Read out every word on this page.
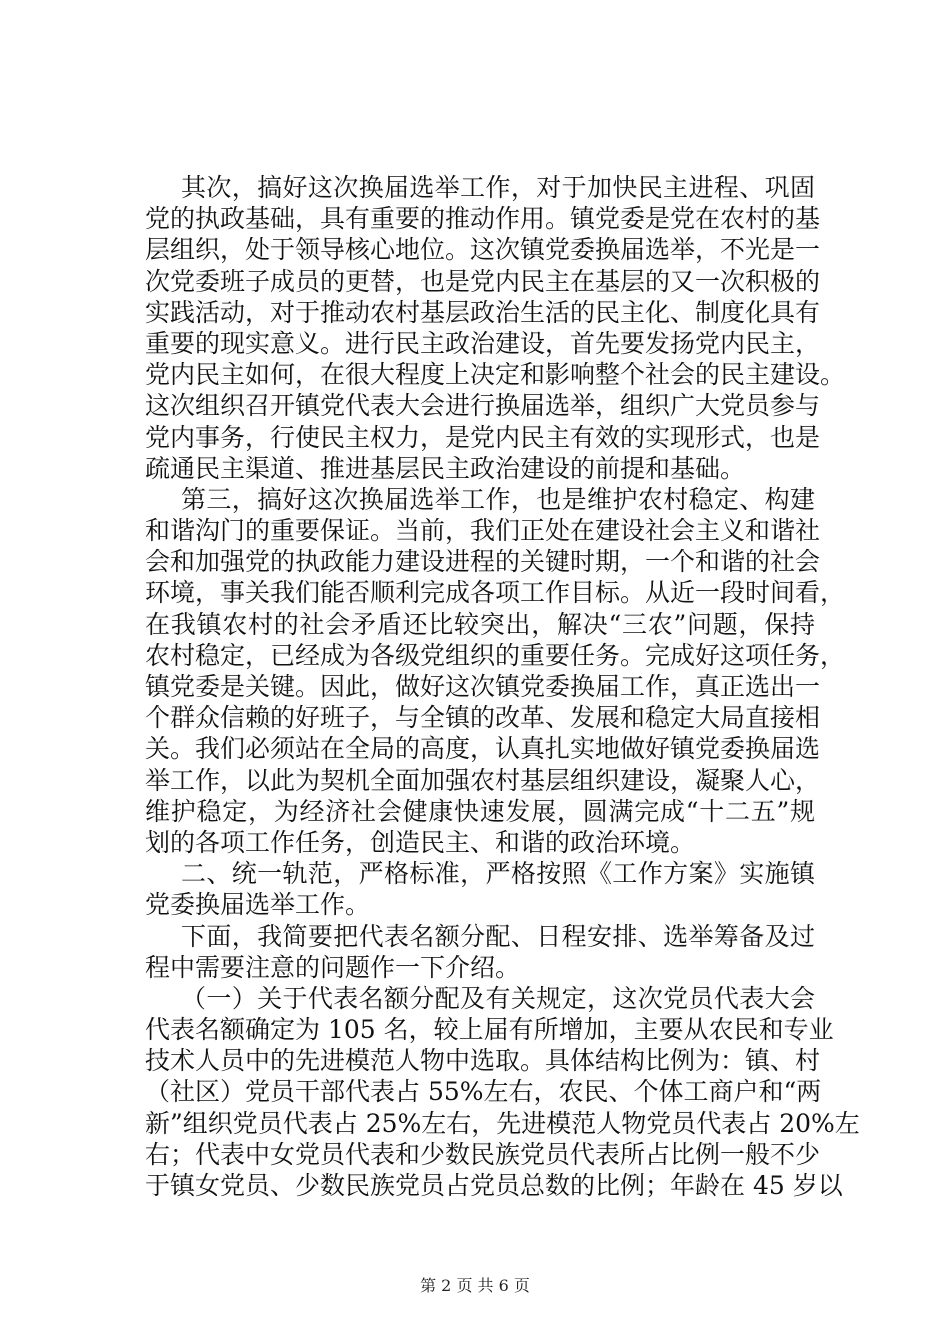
其次，搞好这次换届选举工作，对于加快民主进程、巩固
党的执政基础，具有重要的推动作用。镇党委是党在农村的基
层组织，处于领导核心地位。这次镇党委换届选举，不光是一
次党委班子成员的更替，也是党内民主在基层的又一次积极的
实践活动，对于推动农村基层政治生活的民主化、制度化具有
重要的现实意义。进行民主政治建设，首先要发扬党内民主，
党内民主如何，在很大程度上决定和影响整个社会的民主建设。
这次组织召开镇党代表大会进行换届选举，组织广大党员参与
党内事务，行使民主权力，是党内民主有效的实现形式，也是
疏通民主渠道、推进基层民主政治建设的前提和基础。
第三，搞好这次换届选举工作，也是维护农村稳定、构建
和谐沟门的重要保证。当前，我们正处在建设社会主义和谐社
会和加强党的执政能力建设进程的关键时期，一个和谐的社会
环境，事关我们能否顺利完成各项工作目标。从近一段时间看，
在我镇农村的社会矛盾还比较突出，解决“三农”问题，保持
农村稳定，已经成为各级党组织的重要任务。完成好这项任务，
镇党委是关键。因此，做好这次镇党委换届工作，真正选出一
个群众信赖的好班子，与全镇的改革、发展和稳定大局直接相
关。我们必须站在全局的高度，认真扎实地做好镇党委换届选
举工作，以此为契机全面加强农村基层组织建设，凝聚人心，
维护稳定，为经济社会健康快速发展，圆满完成“十二五”规
划的各项工作任务，创造民主、和谐的政治环境。
二、统一轨范，严格标准，严格按照《工作方案》实施镇
党委换届选举工作。
下面，我简要把代表名额分配、日程安排、选举筹备及过
程中需要注意的问题作一下介绍。
（一）关于代表名额分配及有关规定，这次党员代表大会
代表名额确定为 105 名，较上届有所增加，主要从农民和专业
技术人员中的先进模范人物中选取。具体结构比例为：镇、村
（社区）党员干部代表占 55%左右，农民、个体工商户和“两
新”组织党员代表占 25%左右，先进模范人物党员代表占 20%左
右；代表中女党员代表和少数民族党员代表所占比例一般不少
于镇女党员、少数民族党员占党员总数的比例；年龄在 45 岁以
第 2 页 共 6 页
